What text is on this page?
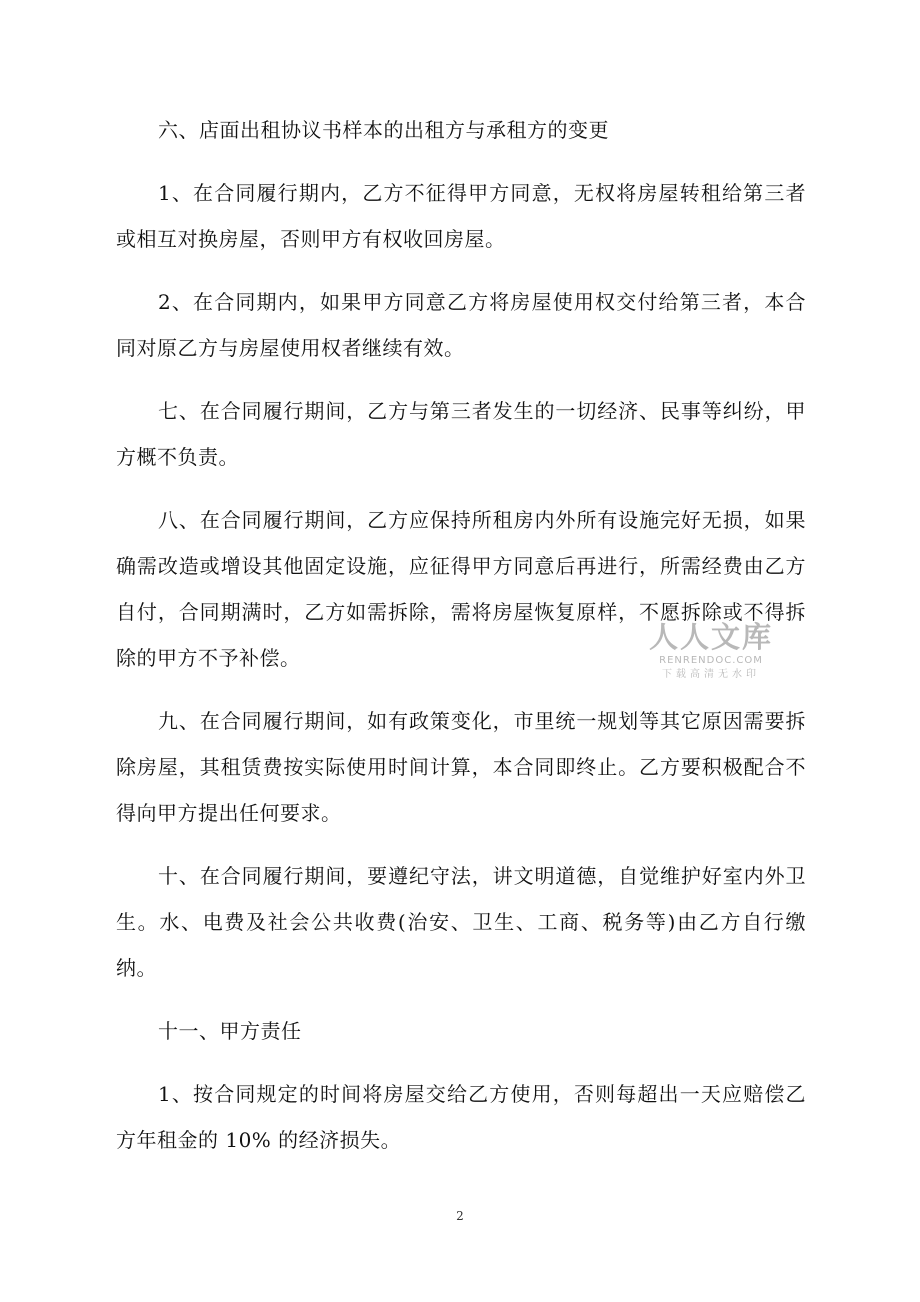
六、店面出租协议书样本的出租方与承租方的变更

1、在合同履行期内，乙方不征得甲方同意，无权将房屋转租给第三者或相互对换房屋，否则甲方有权收回房屋。

2、在合同期内，如果甲方同意乙方将房屋使用权交付给第三者，本合同对原乙方与房屋使用权者继续有效。

七、在合同履行期间，乙方与第三者发生的一切经济、民事等纠纷，甲方概不负责。

八、在合同履行期间，乙方应保持所租房内外所有设施完好无损，如果确需改造或增设其他固定设施，应征得甲方同意后再进行，所需经费由乙方自付，合同期满时，乙方如需拆除，需将房屋恢复原样，不愿拆除或不得拆除的甲方不予补偿。

九、在合同履行期间，如有政策变化，市里统一规划等其它原因需要拆除房屋，其租赁费按实际使用时间计算，本合同即终止。乙方要积极配合不得向甲方提出任何要求。

十、在合同履行期间，要遵纪守法，讲文明道德，自觉维护好室内外卫生。水、电费及社会公共收费(治安、卫生、工商、税务等)由乙方自行缴纳。

十一、甲方责任

1、按合同规定的时间将房屋交给乙方使用，否则每超出一天应赔偿乙方年租金的 10% 的经济损失。

人人文库
RENRENDOC.COM
下载高清无水印
2
